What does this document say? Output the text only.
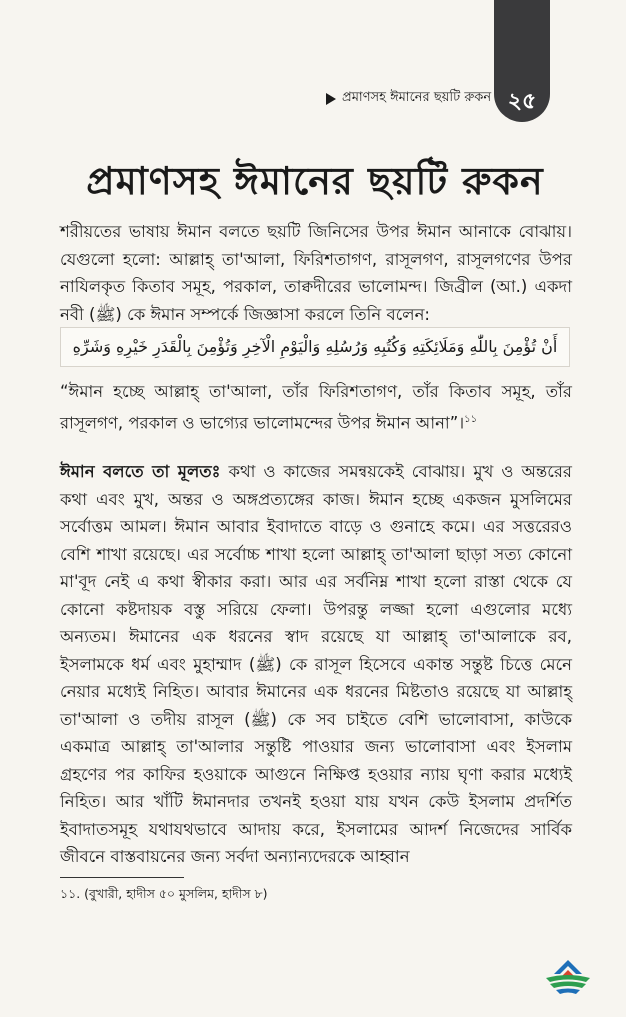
প্রমাণসহ ঈমানের ছয়টি রুকন ২৫
প্রমাণসহ ঈমানের ছয়টি রুকন
শরীয়তের ভাষায় ঈমান বলতে ছয়টি জিনিসের উপর ঈমান আনাকে বোঝায়। যেগুলো হলো: আল্লাহ্ তা'আলা, ফিরিশতাগণ, রাসূলগণ, রাসূলগণের উপর নাযিলকৃত কিতাব সমূহ, পরকাল, তাক্বদীরের ভালোমন্দ। জিব্রীল (আ.) একদা নবী (ﷺ) কে ঈমান সম্পর্কে জিজ্ঞাসা করলে তিনি বলেন:
أَنْ تُؤْمِنَ بِاللّٰهِ وَمَلَائِكَتِهِ وَكُتُبِهِ وَرُسُلِهِ وَالْيَوْمِ الْآخِرِ وَتُؤْمِنَ بِالْقَدَرِ خَيْرِهِ وَشَرِّهِ
“ঈমান হচ্ছে আল্লাহ্ তা'আলা, তাঁর ফিরিশতাগণ, তাঁর কিতাব সমূহ, তাঁর রাসূলগণ, পরকাল ও ভাগ্যের ভালোমন্দের উপর ঈমান আনা”।$^{১১}$
ঈমান বলতে তা মূলতঃ কথা ও কাজের সমন্বয়কেই বোঝায়। মুখ ও অন্তরের কথা এবং মুখ, অন্তর ও অঙ্গপ্রত্যঙ্গের কাজ। ঈমান হচ্ছে একজন মুসলিমের সর্বোত্তম আমল। ঈমান আবার ইবাদাতে বাড়ে ও গুনাহে কমে। এর সত্তরেরও বেশি শাখা রয়েছে। এর সর্বোচ্চ শাখা হলো আল্লাহ্ তা'আলা ছাড়া সত্য কোনো মা'বূদ নেই এ কথা স্বীকার করা। আর এর সর্বনিম্ন শাখা হলো রাস্তা থেকে যে কোনো কষ্টদায়ক বস্তু সরিয়ে ফেলা। উপরন্তু লজ্জা হলো এগুলোর মধ্যে অন্যতম। ঈমানের এক ধরনের স্বাদ রয়েছে যা আল্লাহ্ তা'আলাকে রব, ইসলামকে ধর্ম এবং মুহাম্মাদ (ﷺ) কে রাসূল হিসেবে একান্ত সন্তুষ্ট চিত্তে মেনে নেয়ার মধ্যেই নিহিত। আবার ঈমানের এক ধরনের মিষ্টতাও রয়েছে যা আল্লাহ্ তা'আলা ও তদীয় রাসূল (ﷺ) কে সব চাইতে বেশি ভালোবাসা, কাউকে একমাত্র আল্লাহ্ তা'আলার সন্তুষ্টি পাওয়ার জন্য ভালোবাসা এবং ইসলাম গ্রহণের পর কাফির হওয়াকে আগুনে নিক্ষিপ্ত হওয়ার ন্যায় ঘৃণা করার মধ্যেই নিহিত। আর খাঁটি ঈমানদার তখনই হওয়া যায় যখন কেউ ইসলাম প্রদর্শিত ইবাদাতসমূহ যথাযথভাবে আদায় করে, ইসলামের আদর্শ নিজেদের সার্বিক জীবনে বাস্তবায়নের জন্য সর্বদা অন্যান্যদেরকে আহ্বান
১১. (বুখারী, হাদীস ৫০ মুসলিম, হাদীস ৮)
